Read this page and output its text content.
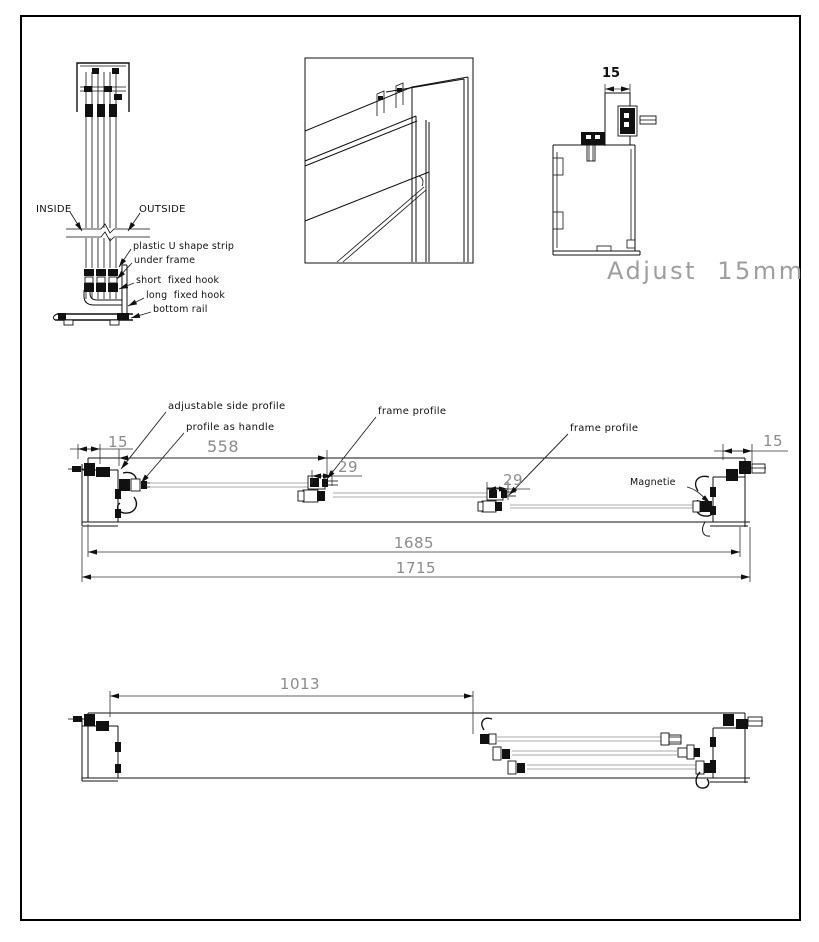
INSIDE	OUTSIDE
plastic U shape strip
under frame
short  fixed hook
long  fixed hook
bottom rail
15
Adjust  15mm
adjustable side profile
profile as handle
frame profile
frame profile
Magnetie
15	558
29
29
15
1685
1715
1013
